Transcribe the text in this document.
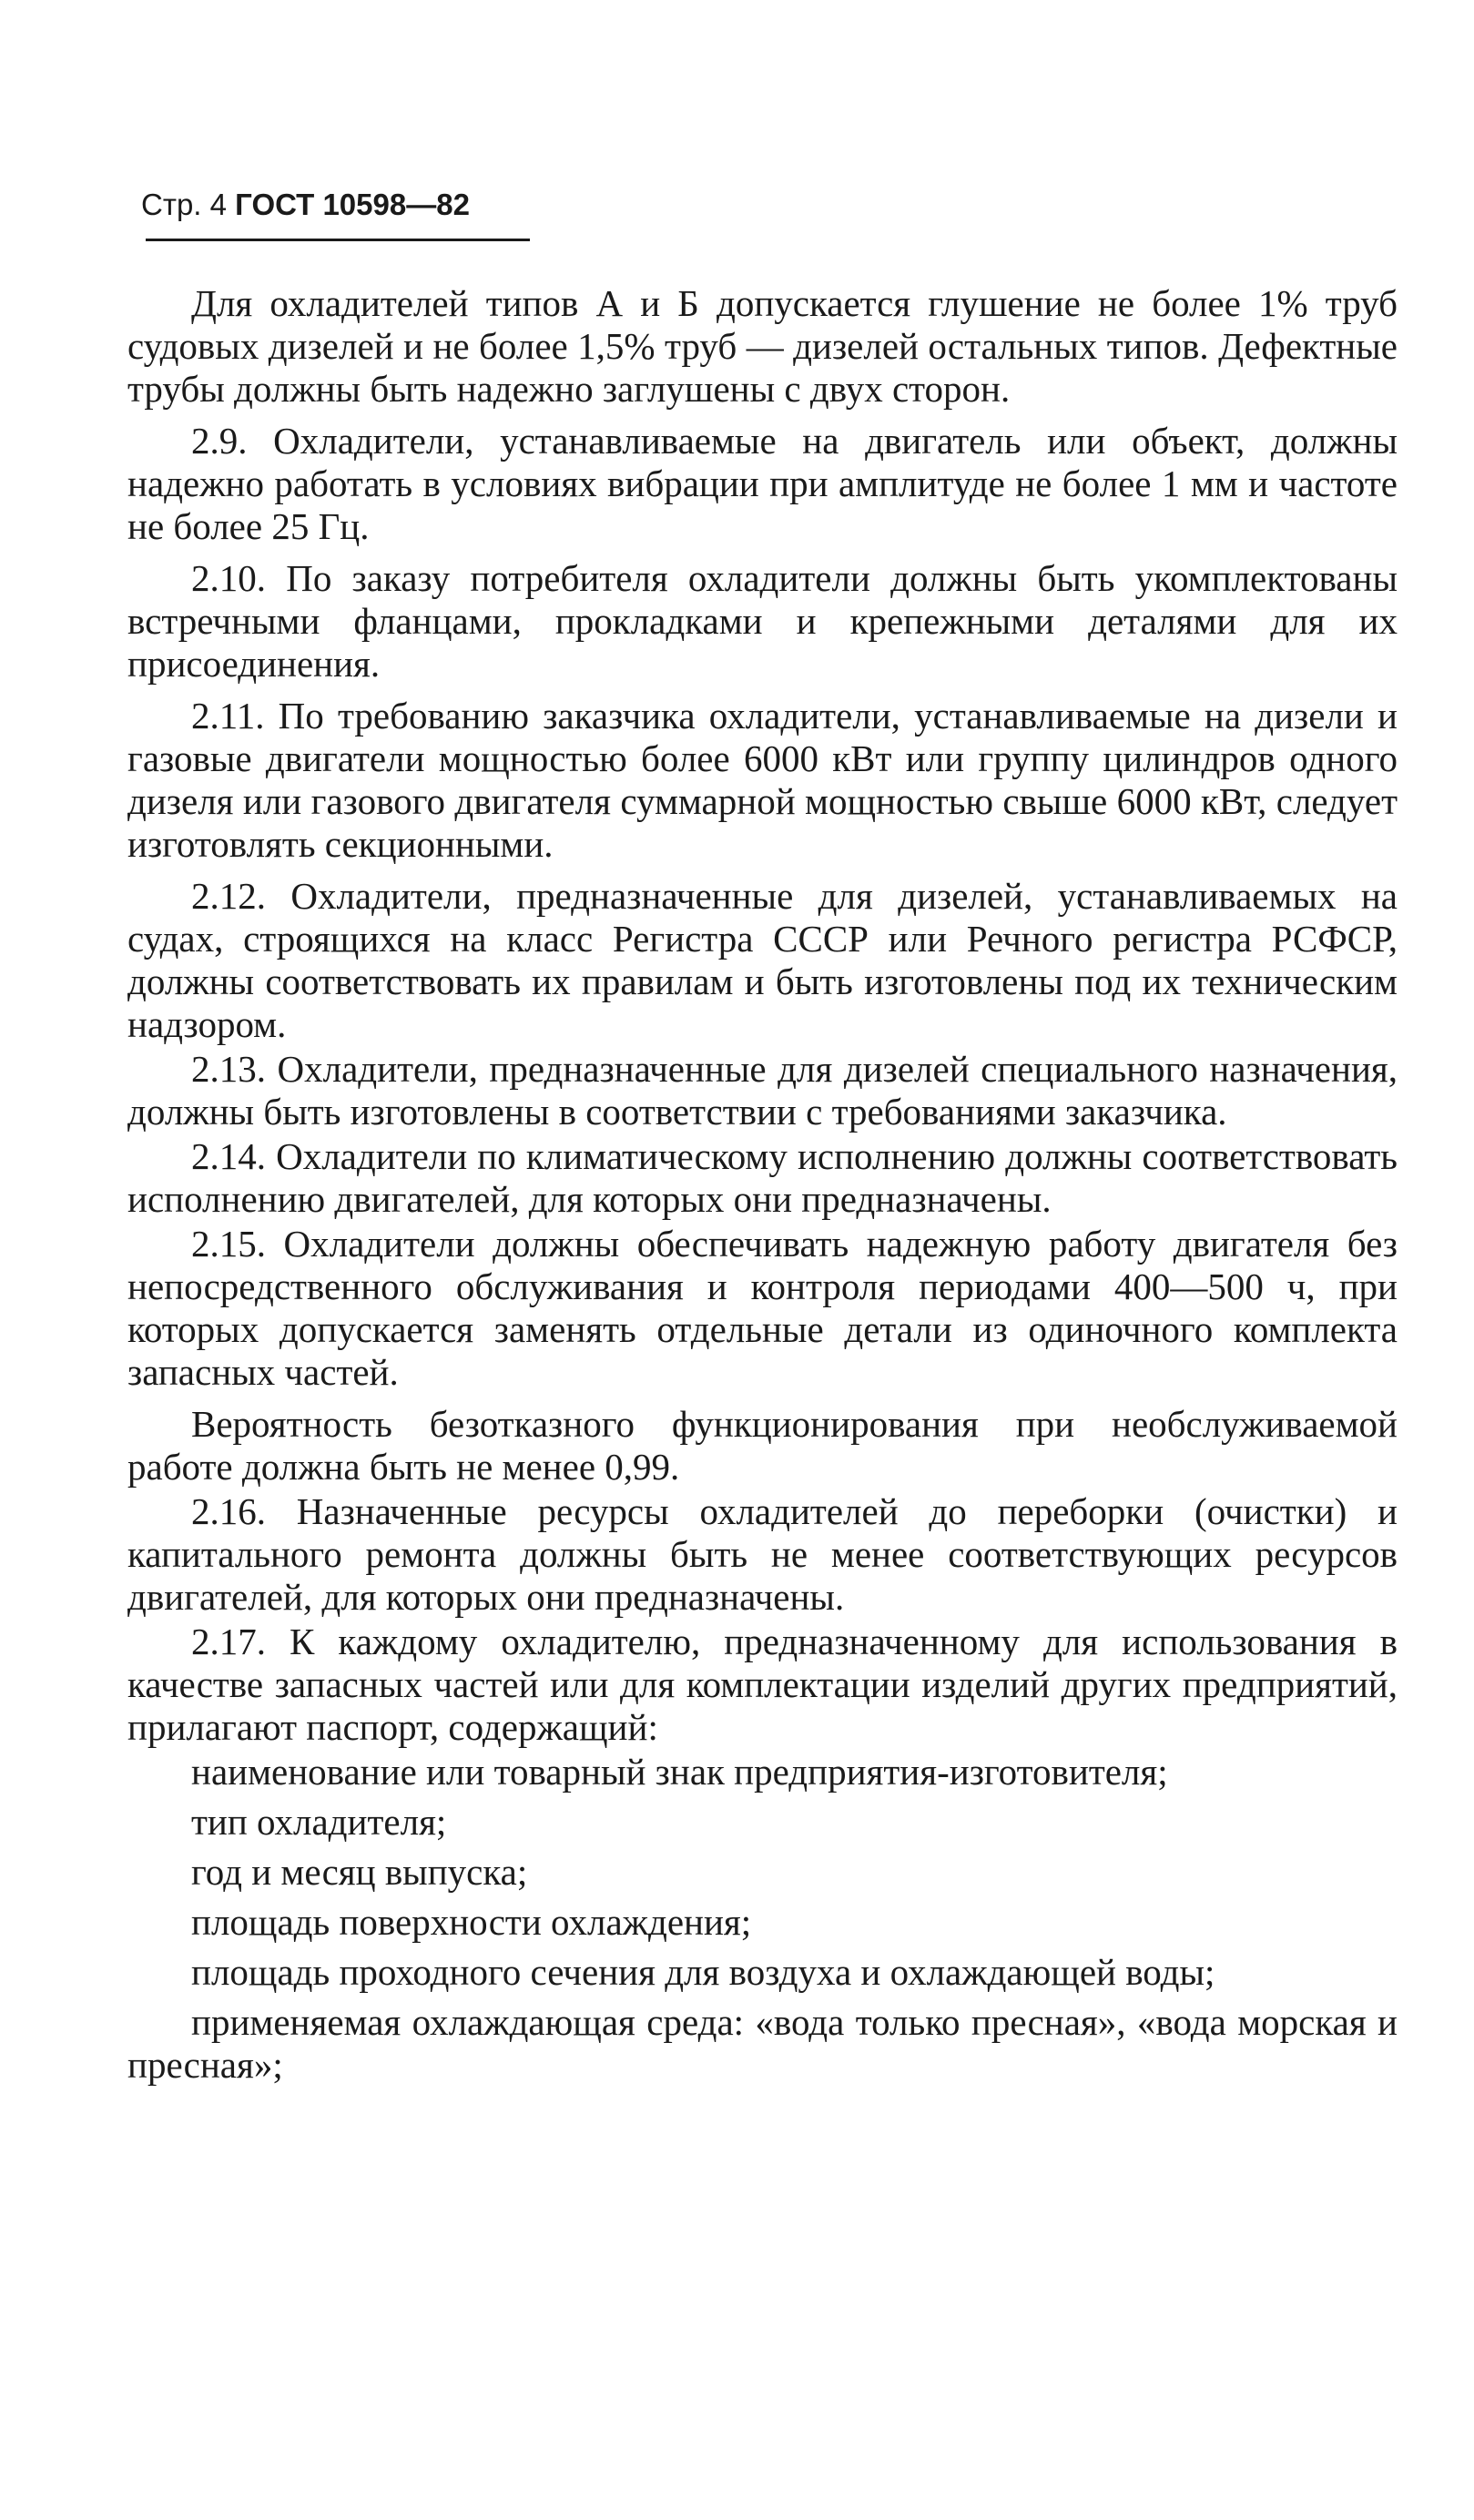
Стр. 4 ГОСТ 10598—82

Для охладителей типов А и Б допускается глушение не более 1% труб судовых дизелей и не более 1,5% труб — дизелей остальных типов. Дефектные трубы должны быть надежно заглушены с двух сторон.

2.9. Охладители, устанавливаемые на двигатель или объект, должны надежно работать в условиях вибрации при амплитуде не более 1 мм и частоте не более 25 Гц.

2.10. По заказу потребителя охладители должны быть укомплектованы встречными фланцами, прокладками и крепежными деталями для их присоединения.

2.11. По требованию заказчика охладители, устанавливаемые на дизели и газовые двигатели мощностью более 6000 кВт или группу цилиндров одного дизеля или газового двигателя суммарной мощностью свыше 6000 кВт, следует изготовлять секционными.

2.12. Охладители, предназначенные для дизелей, устанавливаемых на судах, строящихся на класс Регистра СССР или Речного регистра РСФСР, должны соответствовать их правилам и быть изготовлены под их техническим надзором.

2.13. Охладители, предназначенные для дизелей специального назначения, должны быть изготовлены в соответствии с требованиями заказчика.

2.14. Охладители по климатическому исполнению должны соответствовать исполнению двигателей, для которых они предназначены.

2.15. Охладители должны обеспечивать надежную работу двигателя без непосредственного обслуживания и контроля периодами 400—500 ч, при которых допускается заменять отдельные детали из одиночного комплекта запасных частей.

Вероятность безотказного функционирования при необслуживаемой работе должна быть не менее 0,99.

2.16. Назначенные ресурсы охладителей до переборки (очистки) и капитального ремонта должны быть не менее соответствующих ресурсов двигателей, для которых они предназначены.

2.17. К каждому охладителю, предназначенному для использования в качестве запасных частей или для комплектации изделий других предприятий, прилагают паспорт, содержащий:

наименование или товарный знак предприятия-изготовителя;

тип охладителя;

год и месяц выпуска;

площадь поверхности охлаждения;

площадь проходного сечения для воздуха и охлаждающей воды;

применяемая охлаждающая среда: «вода только пресная», «вода морская и пресная»;
